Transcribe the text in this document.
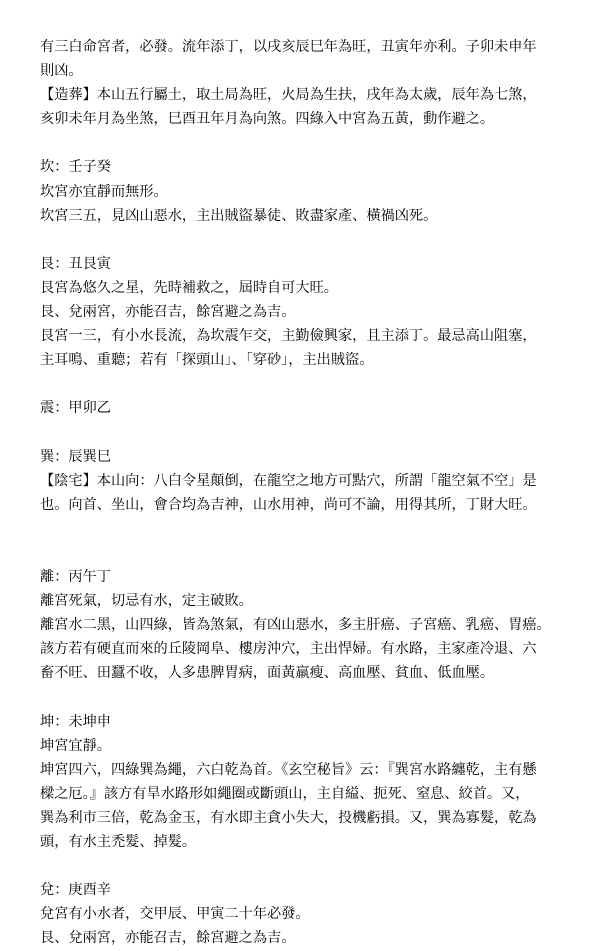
有三白命宮者，必發。流年添丁，以戌亥辰巳年為旺，丑寅年亦利。子卯未申年
則凶。
【造葬】本山五行屬土，取土局為旺，火局為生扶，戌年為太歲，辰年為七煞，
亥卯未年月為坐煞，巳酉丑年月為向煞。四綠入中宮為五黃，動作避之。
坎：壬子癸
坎宮亦宜靜而無形。
坎宮三五，見凶山惡水，主出賊盜暴徒、敗盡家產、橫禍凶死。
艮：丑艮寅
艮宮為悠久之星，先時補救之，屆時自可大旺。
艮、兌兩宮，亦能召吉，餘宮避之為吉。
艮宮一三，有小水長流，為坎震乍交，主勤儉興家，且主添丁。最忌高山阻塞，
主耳鳴、重聽；若有「探頭山」、「穿砂」，主出賊盜。
震：甲卯乙
巽：辰巽巳
【陰宅】本山向：八白令星顛倒，在龍空之地方可點穴，所謂「龍空氣不空」是
也。向首、坐山，會合均為吉神，山水用神，尚可不論，用得其所，丁財大旺。
離：丙午丁
離宮死氣，切忌有水，定主破敗。
離宮水二黑，山四綠，皆為煞氣，有凶山惡水，多主肝癌、子宮癌、乳癌、胃癌。
該方若有硬直而來的丘陵岡阜、樓房沖穴，主出悍婦。有水路，主家產冷退、六
畜不旺、田蠶不收，人多患脾胃病，面黃羸瘦、高血壓、貧血、低血壓。
坤：未坤申
坤宮宜靜。
坤宮四六，四綠巽為繩，六白乾為首。《玄空秘旨》云：『巽宮水路纏乾，主有懸
樑之厄。』該方有旱水路形如繩圈或斷頭山，主自縊、扼死、窒息、絞首。又，
巽為利市三倍，乾為金玉，有水即主貪小失大，投機虧損。又，巽為寡髮，乾為
頭，有水主禿髮、掉髮。
兌：庚酉辛
兌宮有小水者，交甲辰、甲寅二十年必發。
艮、兌兩宮，亦能召吉，餘宮避之為吉。
